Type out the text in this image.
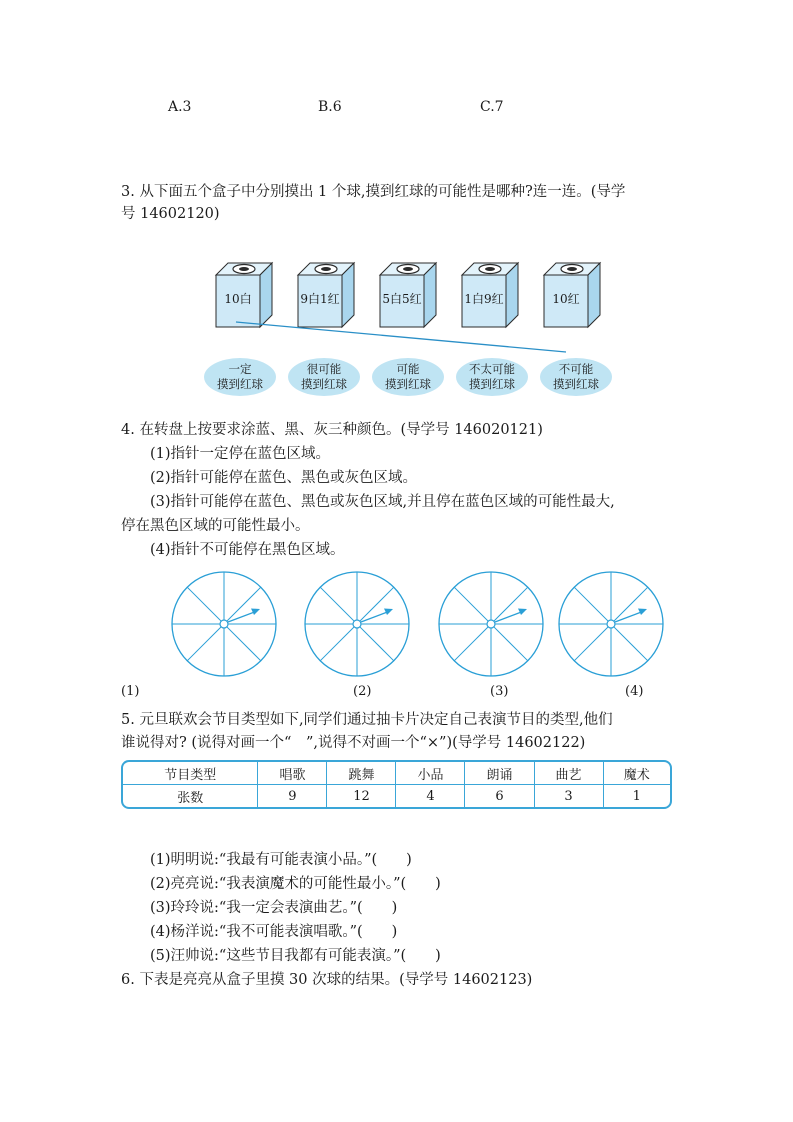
A.3	B.6	C.7
3. 从下面五个盒子中分别摸出 1 个球,摸到红球的可能性是哪种?连一连。(导学
号 14602120)
10白	9白1红	5白5红	1白9红	10红
一定
摸到红球
很可能
摸到红球
可能
摸到红球
不太可能
摸到红球
不可能
摸到红球
4. 在转盘上按要求涂蓝、黑、灰三种颜色。(导学号 146020121)
(1)指针一定停在蓝色区域。
(2)指针可能停在蓝色、黑色或灰色区域。
(3)指针可能停在蓝色、黑色或灰色区域,并且停在蓝色区域的可能性最大,
停在黑色区域的可能性最小。
(4)指针不可能停在黑色区域。
(1)	(2)	(3)	(4)
5. 元旦联欢会节目类型如下,同学们通过抽卡片决定自己表演节目的类型,他们
谁说得对? (说得对画一个“　”,说得不对画一个“×”)(导学号 14602122)
节目类型	唱歌	跳舞	小品	朗诵	曲艺	魔术
张数	9	12	4	6	3	1
(1)明明说:“我最有可能表演小品。”(　　)
(2)亮亮说:“我表演魔术的可能性最小。”(　　)
(3)玲玲说:“我一定会表演曲艺。”(　　)
(4)杨洋说:“我不可能表演唱歌。”(　　)
(5)汪帅说:“这些节目我都有可能表演。”(　　)
6. 下表是亮亮从盒子里摸 30 次球的结果。(导学号 14602123)
